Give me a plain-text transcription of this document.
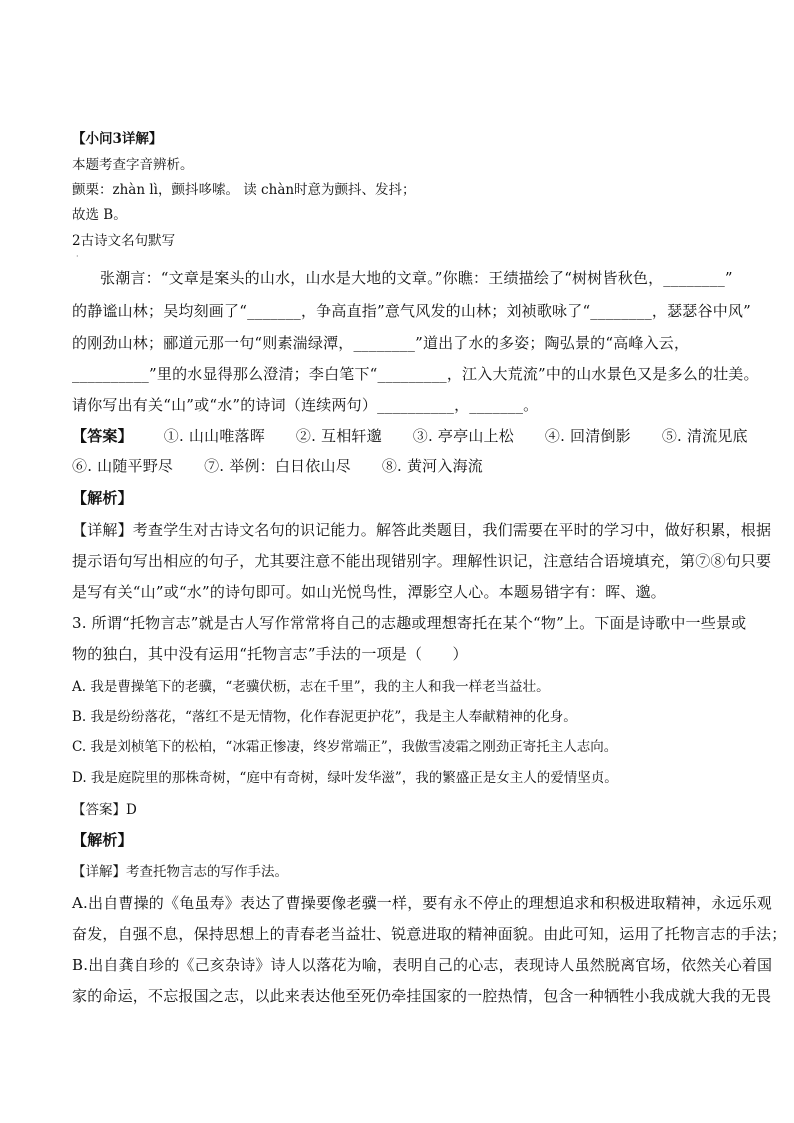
【小问3详解】
本题考查字音辨析。
颤栗：zhàn lì，颤抖哆嗦。 读 chàn时意为颤抖、发抖；
故选 B。
2古诗文名句默写
·
张潮言：“文章是案头的山水，山水是大地的文章。”你瞧：王绩描绘了“树树皆秋色，________”
的静谧山林；吴均刻画了“_______，争高直指”意气风发的山林；刘祯歌咏了“________，瑟瑟谷中风”
的刚劲山林；郦道元那一句“则素湍绿潭，________”道出了水的多姿；陶弘景的“高峰入云，
__________”里的水显得那么澄清；李白笔下“_________，江入大荒流”中的山水景色又是多么的壮美。
请你写出有关“山”或“水”的诗词（连续两句）__________，_______。
【答案】 ①. 山山唯落晖 ②. 互相轩邈 ③. 亭亭山上松 ④. 回清倒影 ⑤. 清流见底
⑥. 山随平野尽 ⑦. 举例：白日依山尽 ⑧. 黄河入海流
【解析】
【详解】考查学生对古诗文名句的识记能力。解答此类题目，我们需要在平时的学习中，做好积累，根据
提示语句写出相应的句子，尤其要注意不能出现错别字。理解性识记，注意结合语境填充，第⑦⑧句只要
是写有关“山”或“水”的诗句即可。如山光悦鸟性，潭影空人心。本题易错字有：晖、邈。
3. 所谓“托物言志”就是古人写作常常将自己的志趣或理想寄托在某个“物”上。下面是诗歌中一些景或
物的独白，其中没有运用“托物言志”手法的一项是（　　）
A. 我是曹操笔下的老骥，“老骥伏枥，志在千里”，我的主人和我一样老当益壮。
B. 我是纷纷落花，“落红不是无情物，化作春泥更护花”，我是主人奉献精神的化身。
C. 我是刘桢笔下的松柏，“冰霜正惨凄，终岁常端正”，我傲雪凌霜之刚劲正寄托主人志向。
D. 我是庭院里的那株奇树，“庭中有奇树，绿叶发华滋”，我的繁盛正是女主人的爱情坚贞。
【答案】D
【解析】
【详解】考查托物言志的写作手法。
A.出自曹操的《龟虽寿》表达了曹操要像老骥一样，要有永不停止的理想追求和积极进取精神，永远乐观
奋发，自强不息，保持思想上的青春老当益壮、锐意进取的精神面貌。由此可知，运用了托物言志的手法；
B.出自龚自珍的《己亥杂诗》诗人以落花为喻，表明自己的心志，表现诗人虽然脱离官场，依然关心着国
家的命运，不忘报国之志，以此来表达他至死仍牵挂国家的一腔热情，包含一种牺牲小我成就大我的无畏
